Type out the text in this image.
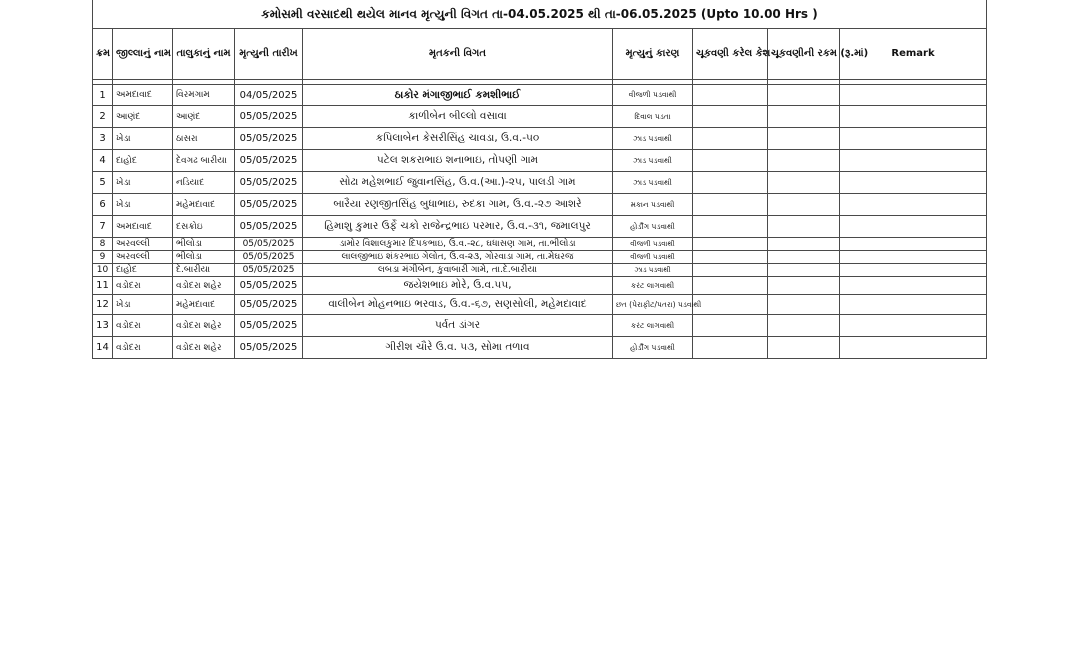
કમોસમી વરસાદથી થયેલ માનવ મૃત્યુની વિગત તા-04.05.2025 થી તા-06.05.2025 (Upto 10.00 Hrs )								
ક્રમ	જીલ્લાનું નામ	તાલુકાનું નામ	મૃત્યુની તારીખ	મૃતકની વિગત	મૃત્યુનું કારણ	ચૂકવણી કરેલ કેશ	ચૂકવણીની રકમ (રૂ.માં)	Remark

1	અમદાવાદ	વિરમગામ	04/05/2025	ઠાકોર મંગાજીભાઈ કમશીભાઈ	વીજળી પડવાથી			
2	આણંદ	આણંદ	05/05/2025	કાળીબેન બીલ્લો વસાવા	દિવાલ પડતા			
3	ખેડા	ઠાસરા	05/05/2025	કપિલાબેન કેસરીસિંહ ચાવડા, ઉ.વ.-૫૦	ઝાડ પડવાથી			
4	દાહોદ	દેવગઢ બારીયા	05/05/2025	પટેલ શકરાભાઇ શનાભાઇ, તોપણી ગામ	ઝાડ પડવાથી			
5	ખેડા	નડિયાદ	05/05/2025	સોઢા મહેશભાઈ જુવાનસિંહ, ઉ.વ.(આ.)-૨૫, પાલડી ગામ	ઝાડ પડવાથી			
6	ખેડા	મહેમદાવાદ	05/05/2025	બારૈયા રણજીતસિંહ બુધાભાઇ, રુદકા ગામ, ઉ.વ.-૨૭ આશરે	મકાન પડવાથી			
7	અમદાવાદ	દસક્રોઇ	05/05/2025	હિમાશુ કુમાર ઉર્ફે ચકો રાજેન્દ્રભાઇ પરમાર, ઉ.વ.-૩૧, જમાલપુર	હોર્ડીંગ પડવાથી			
8	અરવલ્લી	ભીલોડા	05/05/2025	ડામોર વિશાલકુમાર દિપકભાઇ, ઉ.વ.-૨૮, ઘધાસણ ગામ, તા.ભીલોડા	વીજળી પડવાથી			
9	અરવલ્લી	ભીલોડા	05/05/2025	લાલજીભાઇ શંકરભાઇ ગેલોત, ઉ.વ-૨૩, ગોરવાડા ગામ, તા.મેઘરજ	વીજળી પડવાથી			
10	દાહોદ	દે.બારીયા	05/05/2025	લબડા મંગીબેન, કુવાબારી ગામે, તા.દે.બારીયા	ઝાડ પડવાથી			
11	વડોદરા	વડોદરા શહેર	05/05/2025	જયેશભાઇ મોરે, ઉ.વ.૫૫,	કરંટ લાગવાથી			
12	ખેડા	મહેમદાવાદ	05/05/2025	વાલીબેન મોહનભાઇ ભરવાડ, ઉ.વ.-૬૭, સણસોલી, મહેમદાવાદ	છત (પેરાફીટ/પતરા) પડવાથી			
13	વડોદરા	વડોદરા શહેર	05/05/2025	પર્વત ડાંગર	કરંટ લાગવાથી			
14	વડોદરા	વડોદરા શહેર	05/05/2025	ગીરીશ ચૌરે ઉ.વ. ૫૩, સોમા તળાવ	હોર્ડીંગ પડવાથી			
